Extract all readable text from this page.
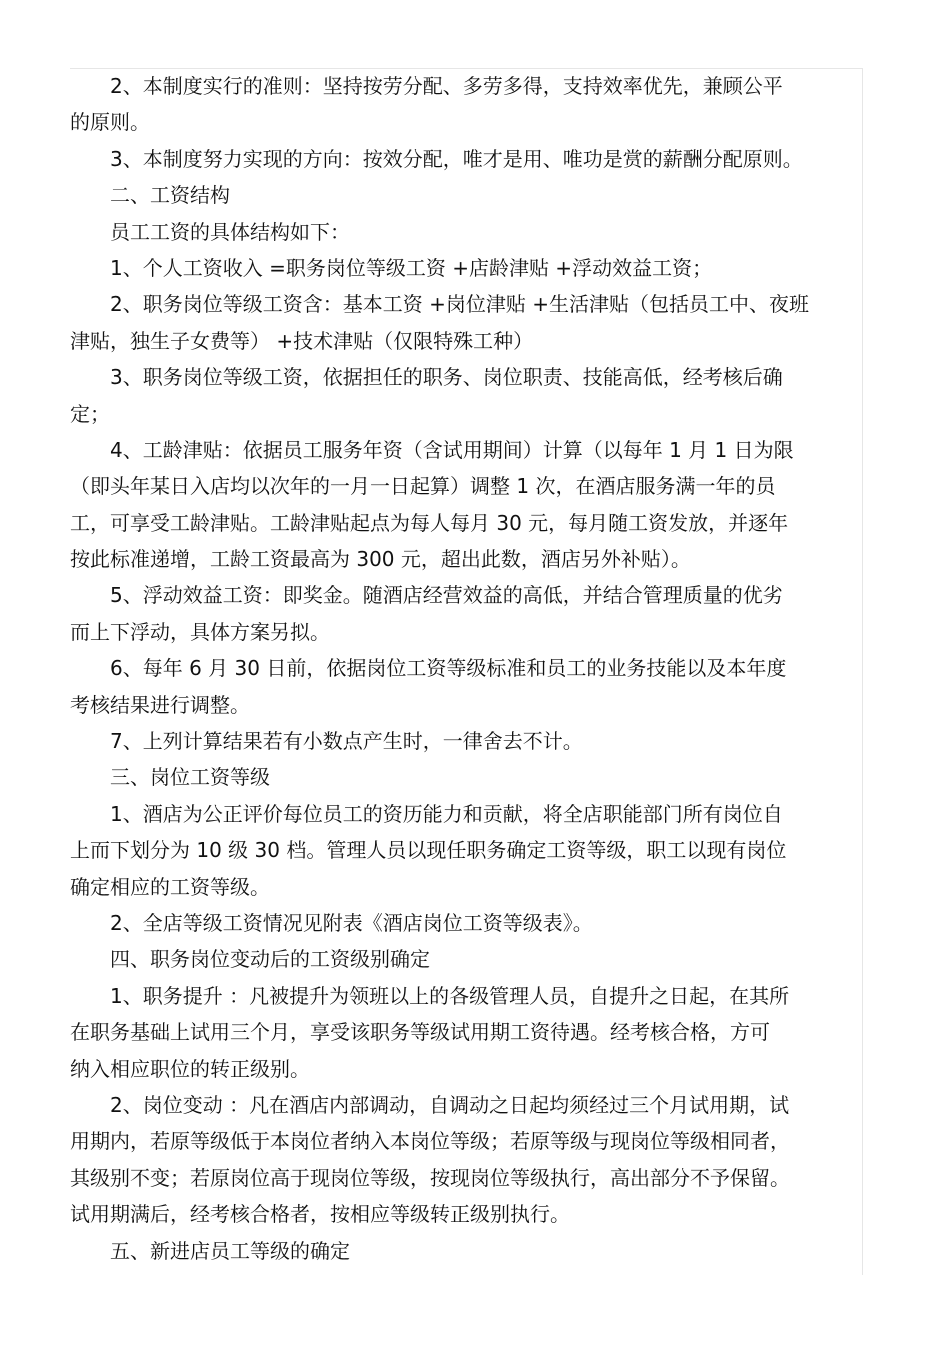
2、本制度实行的准则：坚持按劳分配、多劳多得，支持效率优先，兼顾公平

的原则。

3、本制度努力实现的方向：按效分配，唯才是用、唯功是赏的薪酬分配原则。

二、工资结构

员工工资的具体结构如下：

1、个人工资收入 =职务岗位等级工资 +店龄津贴 +浮动效益工资；

2、职务岗位等级工资含：基本工资 +岗位津贴 +生活津贴（包括员工中、夜班

津贴，独生子女费等） +技术津贴（仅限特殊工种）

3、职务岗位等级工资，依据担任的职务、岗位职责、技能高低，经考核后确

定；

4、工龄津贴：依据员工服务年资（含试用期间）计算（以每年 1 月 1 日为限

（即头年某日入店均以次年的一月一日起算）调整 1 次，在酒店服务满一年的员

工，可享受工龄津贴。工龄津贴起点为每人每月 30 元，每月随工资发放，并逐年

按此标准递增，工龄工资最高为 300 元，超出此数，酒店另外补贴）。

5、浮动效益工资：即奖金。随酒店经营效益的高低，并结合管理质量的优劣

而上下浮动，具体方案另拟。

6、每年 6 月 30 日前，依据岗位工资等级标准和员工的业务技能以及本年度

考核结果进行调整。

7、上列计算结果若有小数点产生时，一律舍去不计。

三、岗位工资等级

1、酒店为公正评价每位员工的资历能力和贡献，将全店职能部门所有岗位自

上而下划分为 10 级 30 档。管理人员以现任职务确定工资等级，职工以现有岗位

确定相应的工资等级。

2、全店等级工资情况见附表《酒店岗位工资等级表》。

四、职务岗位变动后的工资级别确定

1、职务提升 ：凡被提升为领班以上的各级管理人员，自提升之日起，在其所

在职务基础上试用三个月，享受该职务等级试用期工资待遇。经考核合格，方可

纳入相应职位的转正级别。

2、岗位变动 ：凡在酒店内部调动，自调动之日起均须经过三个月试用期，试

用期内，若原等级低于本岗位者纳入本岗位等级；若原等级与现岗位等级相同者，

其级别不变；若原岗位高于现岗位等级，按现岗位等级执行，高出部分不予保留。

试用期满后，经考核合格者，按相应等级转正级别执行。

五、新进店员工等级的确定
